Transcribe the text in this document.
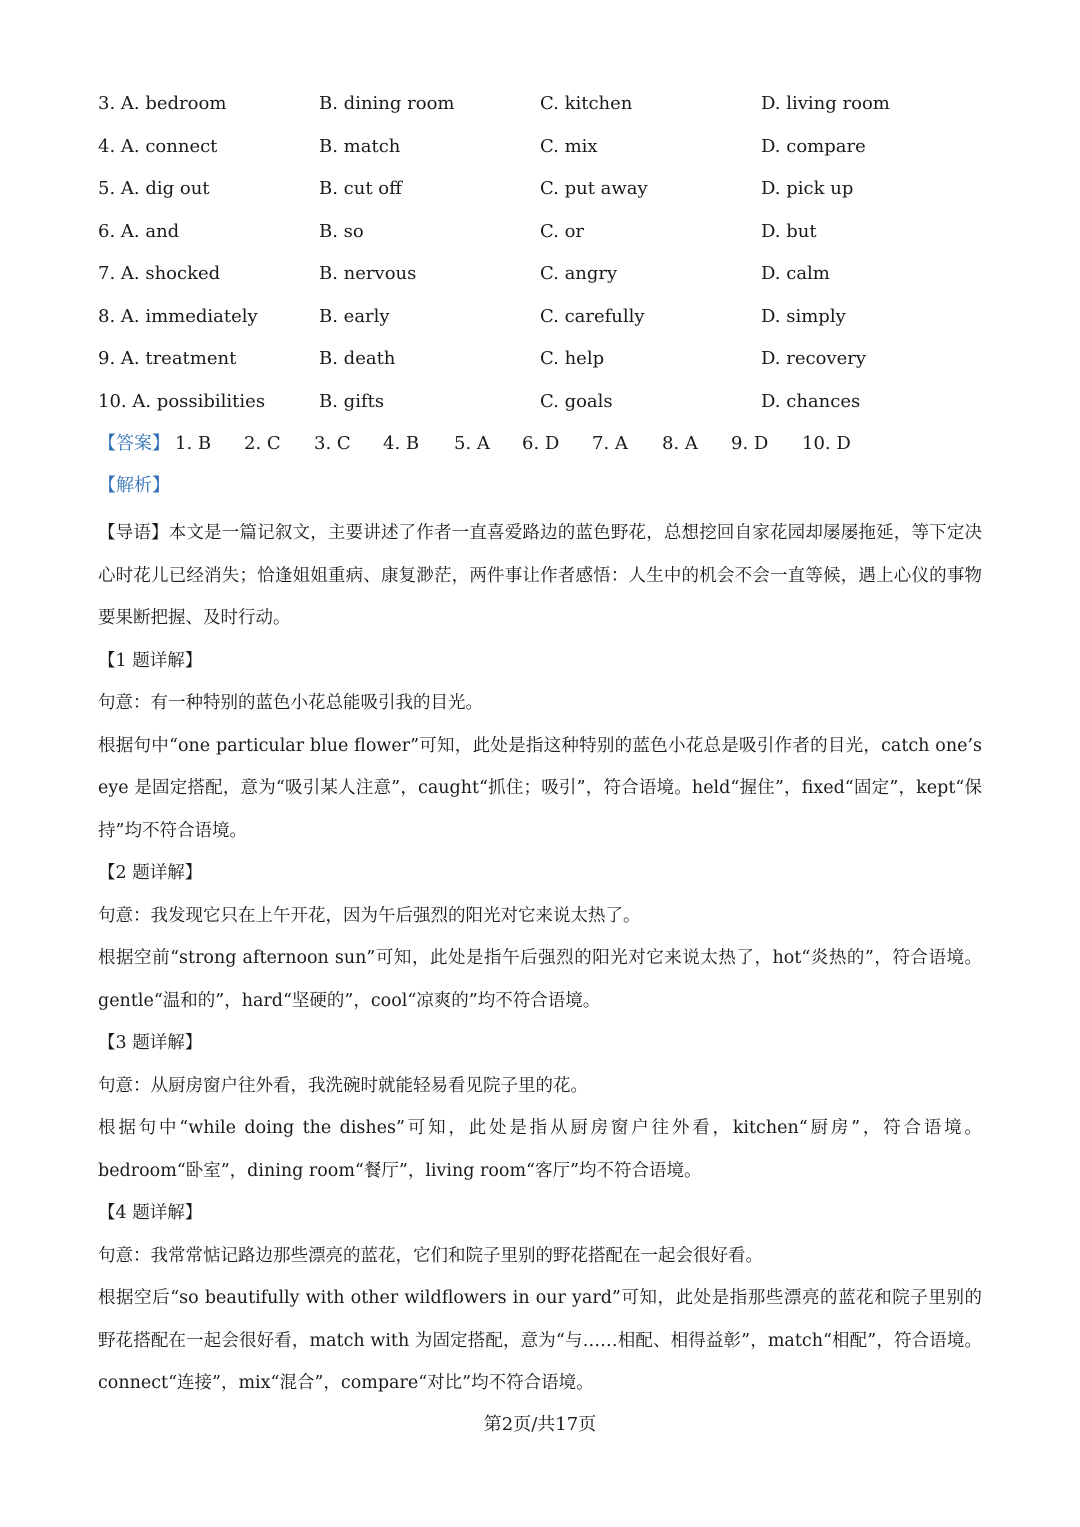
3. A. bedroom	B. dining room	C. kitchen	D. living room
4. A. connect	B. match	C. mix	D. compare
5. A. dig out	B. cut off	C. put away	D. pick up
6. A. and	B. so	C. or	D. but
7. A. shocked	B. nervous	C. angry	D. calm
8. A. immediately	B. early	C. carefully	D. simply
9. A. treatment	B. death	C. help	D. recovery
10. A. possibilities	B. gifts	C. goals	D. chances
【答案】 1. B 2. C 3. C 4. B 5. A 6. D 7. A 8. A 9. D 10. D
【解析】

【导语】本文是一篇记叙文，主要讲述了作者一直喜爱路边的蓝色野花，总想挖回自家花园却屡屡拖延，等下定决心时花儿已经消失；恰逢姐姐重病、康复渺茫，两件事让作者感悟：人生中的机会不会一直等候，遇上心仪的事物要果断把握、及时行动。

【1 题详解】

句意：有一种特别的蓝色小花总能吸引我的目光。

根据句中“one particular blue flower”可知，此处是指这种特别的蓝色小花总是吸引作者的目光，catch one’s eye 是固定搭配，意为“吸引某人注意”，caught“抓住；吸引”，符合语境。held“握住”，fixed“固定”，kept“保持”均不符合语境。

【2 题详解】

句意：我发现它只在上午开花，因为午后强烈的阳光对它来说太热了。

根据空前“strong afternoon sun”可知，此处是指午后强烈的阳光对它来说太热了，hot“炎热的”，符合语境。gentle“温和的”，hard“坚硬的”，cool“凉爽的”均不符合语境。

【3 题详解】

句意：从厨房窗户往外看，我洗碗时就能轻易看见院子里的花。

根据句中“while doing the dishes”可知，此处是指从厨房窗户往外看，kitchen“厨房”，符合语境。bedroom“卧室”，dining room“餐厅”，living room“客厅”均不符合语境。

【4 题详解】

句意：我常常惦记路边那些漂亮的蓝花，它们和院子里别的野花搭配在一起会很好看。

根据空后“so beautifully with other wildflowers in our yard”可知，此处是指那些漂亮的蓝花和院子里别的野花搭配在一起会很好看，match with 为固定搭配，意为“与……相配、相得益彰”，match“相配”，符合语境。connect“连接”，mix“混合”，compare“对比”均不符合语境。

第2页/共17页
